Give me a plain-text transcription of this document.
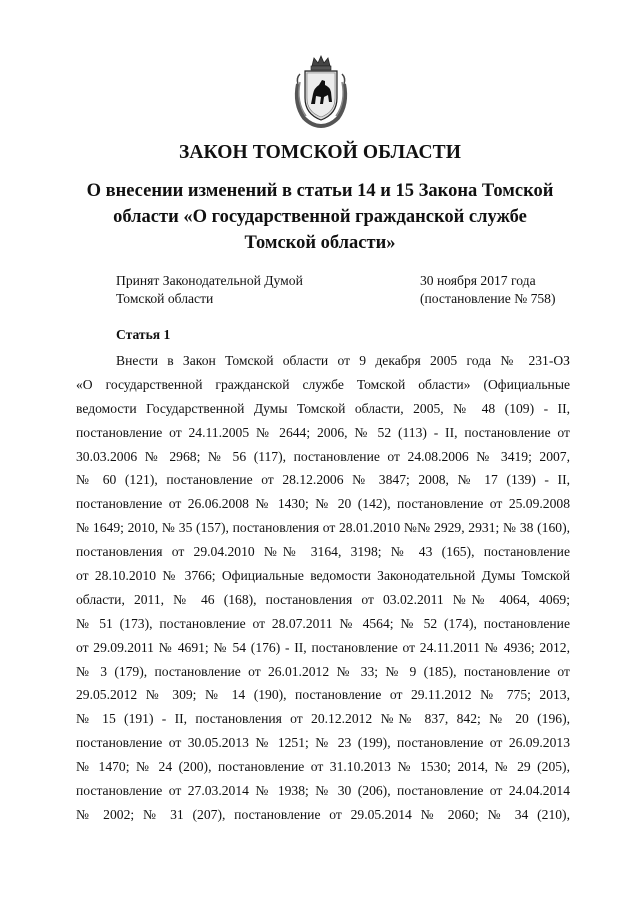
ЗАКОН ТОМСКОЙ ОБЛАСТИ
О внесении изменений в статьи 14 и 15 Закона Томской
области «О государственной гражданской службе
Томской области»
Принят Законодательной Думой
Томской области
30 ноября 2017 года
(постановление № 758)
Статья 1
Внести в Закон Томской области от 9 декабря 2005 года № 231-ОЗ
«О государственной гражданской службе Томской области» (Официальные
ведомости Государственной Думы Томской области, 2005, № 48 (109) - II,
постановление от 24.11.2005 № 2644; 2006, № 52 (113) - II, постановление от
30.03.2006 № 2968; № 56 (117), постановление от 24.08.2006 № 3419; 2007,
№ 60 (121), постановление от 28.12.2006 № 3847; 2008, № 17 (139) - II,
постановление от 26.06.2008 № 1430; № 20 (142), постановление от 25.09.2008
№ 1649; 2010, № 35 (157), постановления от 28.01.2010 №№ 2929, 2931; № 38 (160),
постановления от 29.04.2010 №№ 3164, 3198; № 43 (165), постановление
от 28.10.2010 № 3766; Официальные ведомости Законодательной Думы Томской
области, 2011, № 46 (168), постановления от 03.02.2011 №№ 4064, 4069;
№ 51 (173), постановление от 28.07.2011 № 4564; № 52 (174), постановление
от 29.09.2011 № 4691; № 54 (176) - II, постановление от 24.11.2011 № 4936; 2012,
№ 3 (179), постановление от 26.01.2012 № 33; № 9 (185), постановление от
29.05.2012 № 309; № 14 (190), постановление от 29.11.2012 № 775; 2013,
№ 15 (191) - II, постановления от 20.12.2012 №№ 837, 842; № 20 (196),
постановление от 30.05.2013 № 1251; № 23 (199), постановление от 26.09.2013
№ 1470; № 24 (200), постановление от 31.10.2013 № 1530; 2014, № 29 (205),
постановление от 27.03.2014 № 1938; № 30 (206), постановление от 24.04.2014
№ 2002; № 31 (207), постановление от 29.05.2014 № 2060; № 34 (210),
